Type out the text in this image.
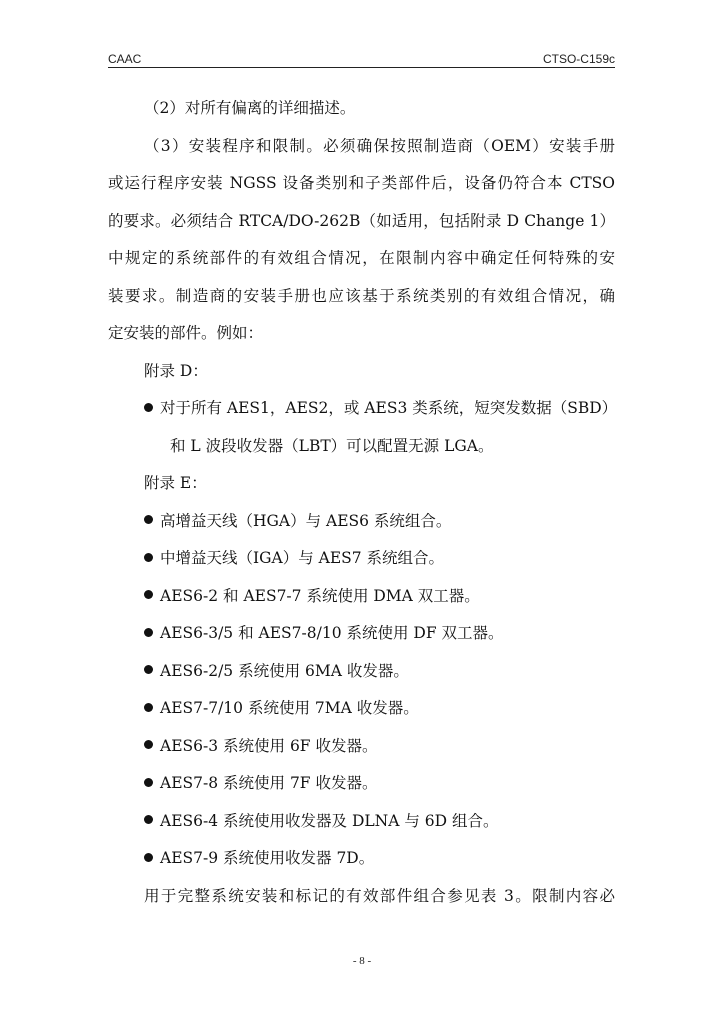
CAAC	CTSO-C159c
（2）对所有偏离的详细描述。
（3）安装程序和限制。必须确保按照制造商（OEM）安装手册
或运行程序安装 NGSS 设备类别和子类部件后，设备仍符合本 CTSO
的要求。必须结合 RTCA/DO-262B（如适用，包括附录 D Change 1）
中规定的系统部件的有效组合情况，在限制内容中确定任何特殊的安
装要求。制造商的安装手册也应该基于系统类别的有效组合情况，确
定安装的部件。例如：
附录 D：
对于所有 AES1，AES2，或 AES3 类系统，短突发数据（SBD）
和 L 波段收发器（LBT）可以配置无源 LGA。
附录 E：
高增益天线（HGA）与 AES6 系统组合。
中增益天线（IGA）与 AES7 系统组合。
AES6-2 和 AES7-7 系统使用 DMA 双工器。
AES6-3/5 和 AES7-8/10 系统使用 DF 双工器。
AES6-2/5 系统使用 6MA 收发器。
AES7-7/10 系统使用 7MA 收发器。
AES6-3 系统使用 6F 收发器。
AES7-8 系统使用 7F 收发器。
AES6-4 系统使用收发器及 DLNA 与 6D 组合。
AES7-9 系统使用收发器 7D。
用于完整系统安装和标记的有效部件组合参见表 3。限制内容必
- 8 -
